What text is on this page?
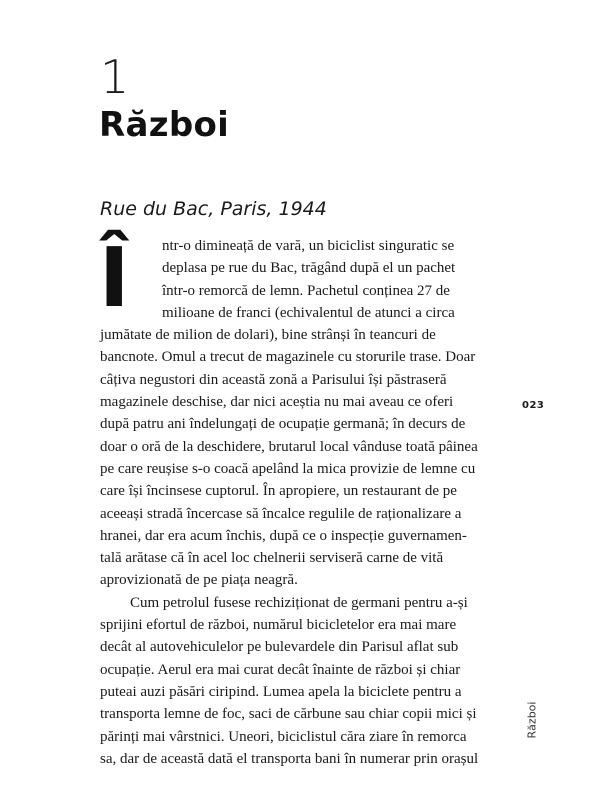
1
Război
Rue du Bac, Paris, 1944
Î	ntr-o dimineață de vară, un biciclist singuratic se
deplasa pe rue du Bac, trăgând după el un pachet
într-o remorcă de lemn. Pachetul conținea 27 de
milioane de franci (echivalentul de atunci a circa
jumătate de milion de dolari), bine strânși în teancuri de
bancnote. Omul a trecut de magazinele cu storurile trase. Doar
câțiva negustori din această zonă a Parisului își păstraseră
magazinele deschise, dar nici aceștia nu mai aveau ce oferi
după patru ani îndelungați de ocupație germană; în decurs de
doar o oră de la deschidere, brutarul local vânduse toată pâinea
pe care reușise s-o coacă apelând la mica provizie de lemne cu
care își încinsese cuptorul. În apropiere, un restaurant de pe
aceeași stradă încercase să încalce regulile de raționalizare a
hranei, dar era acum închis, după ce o inspecție guvernamen-
tală arătase că în acel loc chelnerii serviseră carne de vită
aprovizionată de pe piața neagră.
Cum petrolul fusese rechiziționat de germani pentru a-și
sprijini efortul de război, numărul bicicletelor era mai mare
decât al autovehiculelor pe bulevardele din Parisul aflat sub
ocupație. Aerul era mai curat decât înainte de război și chiar
puteai auzi păsări ciripind. Lumea apela la biciclete pentru a
transporta lemne de foc, saci de cărbune sau chiar copii mici și
părinți mai vârstnici. Uneori, biciclistul căra ziare în remorca
sa, dar de această dată el transporta bani în numerar prin orașul
023
Război
